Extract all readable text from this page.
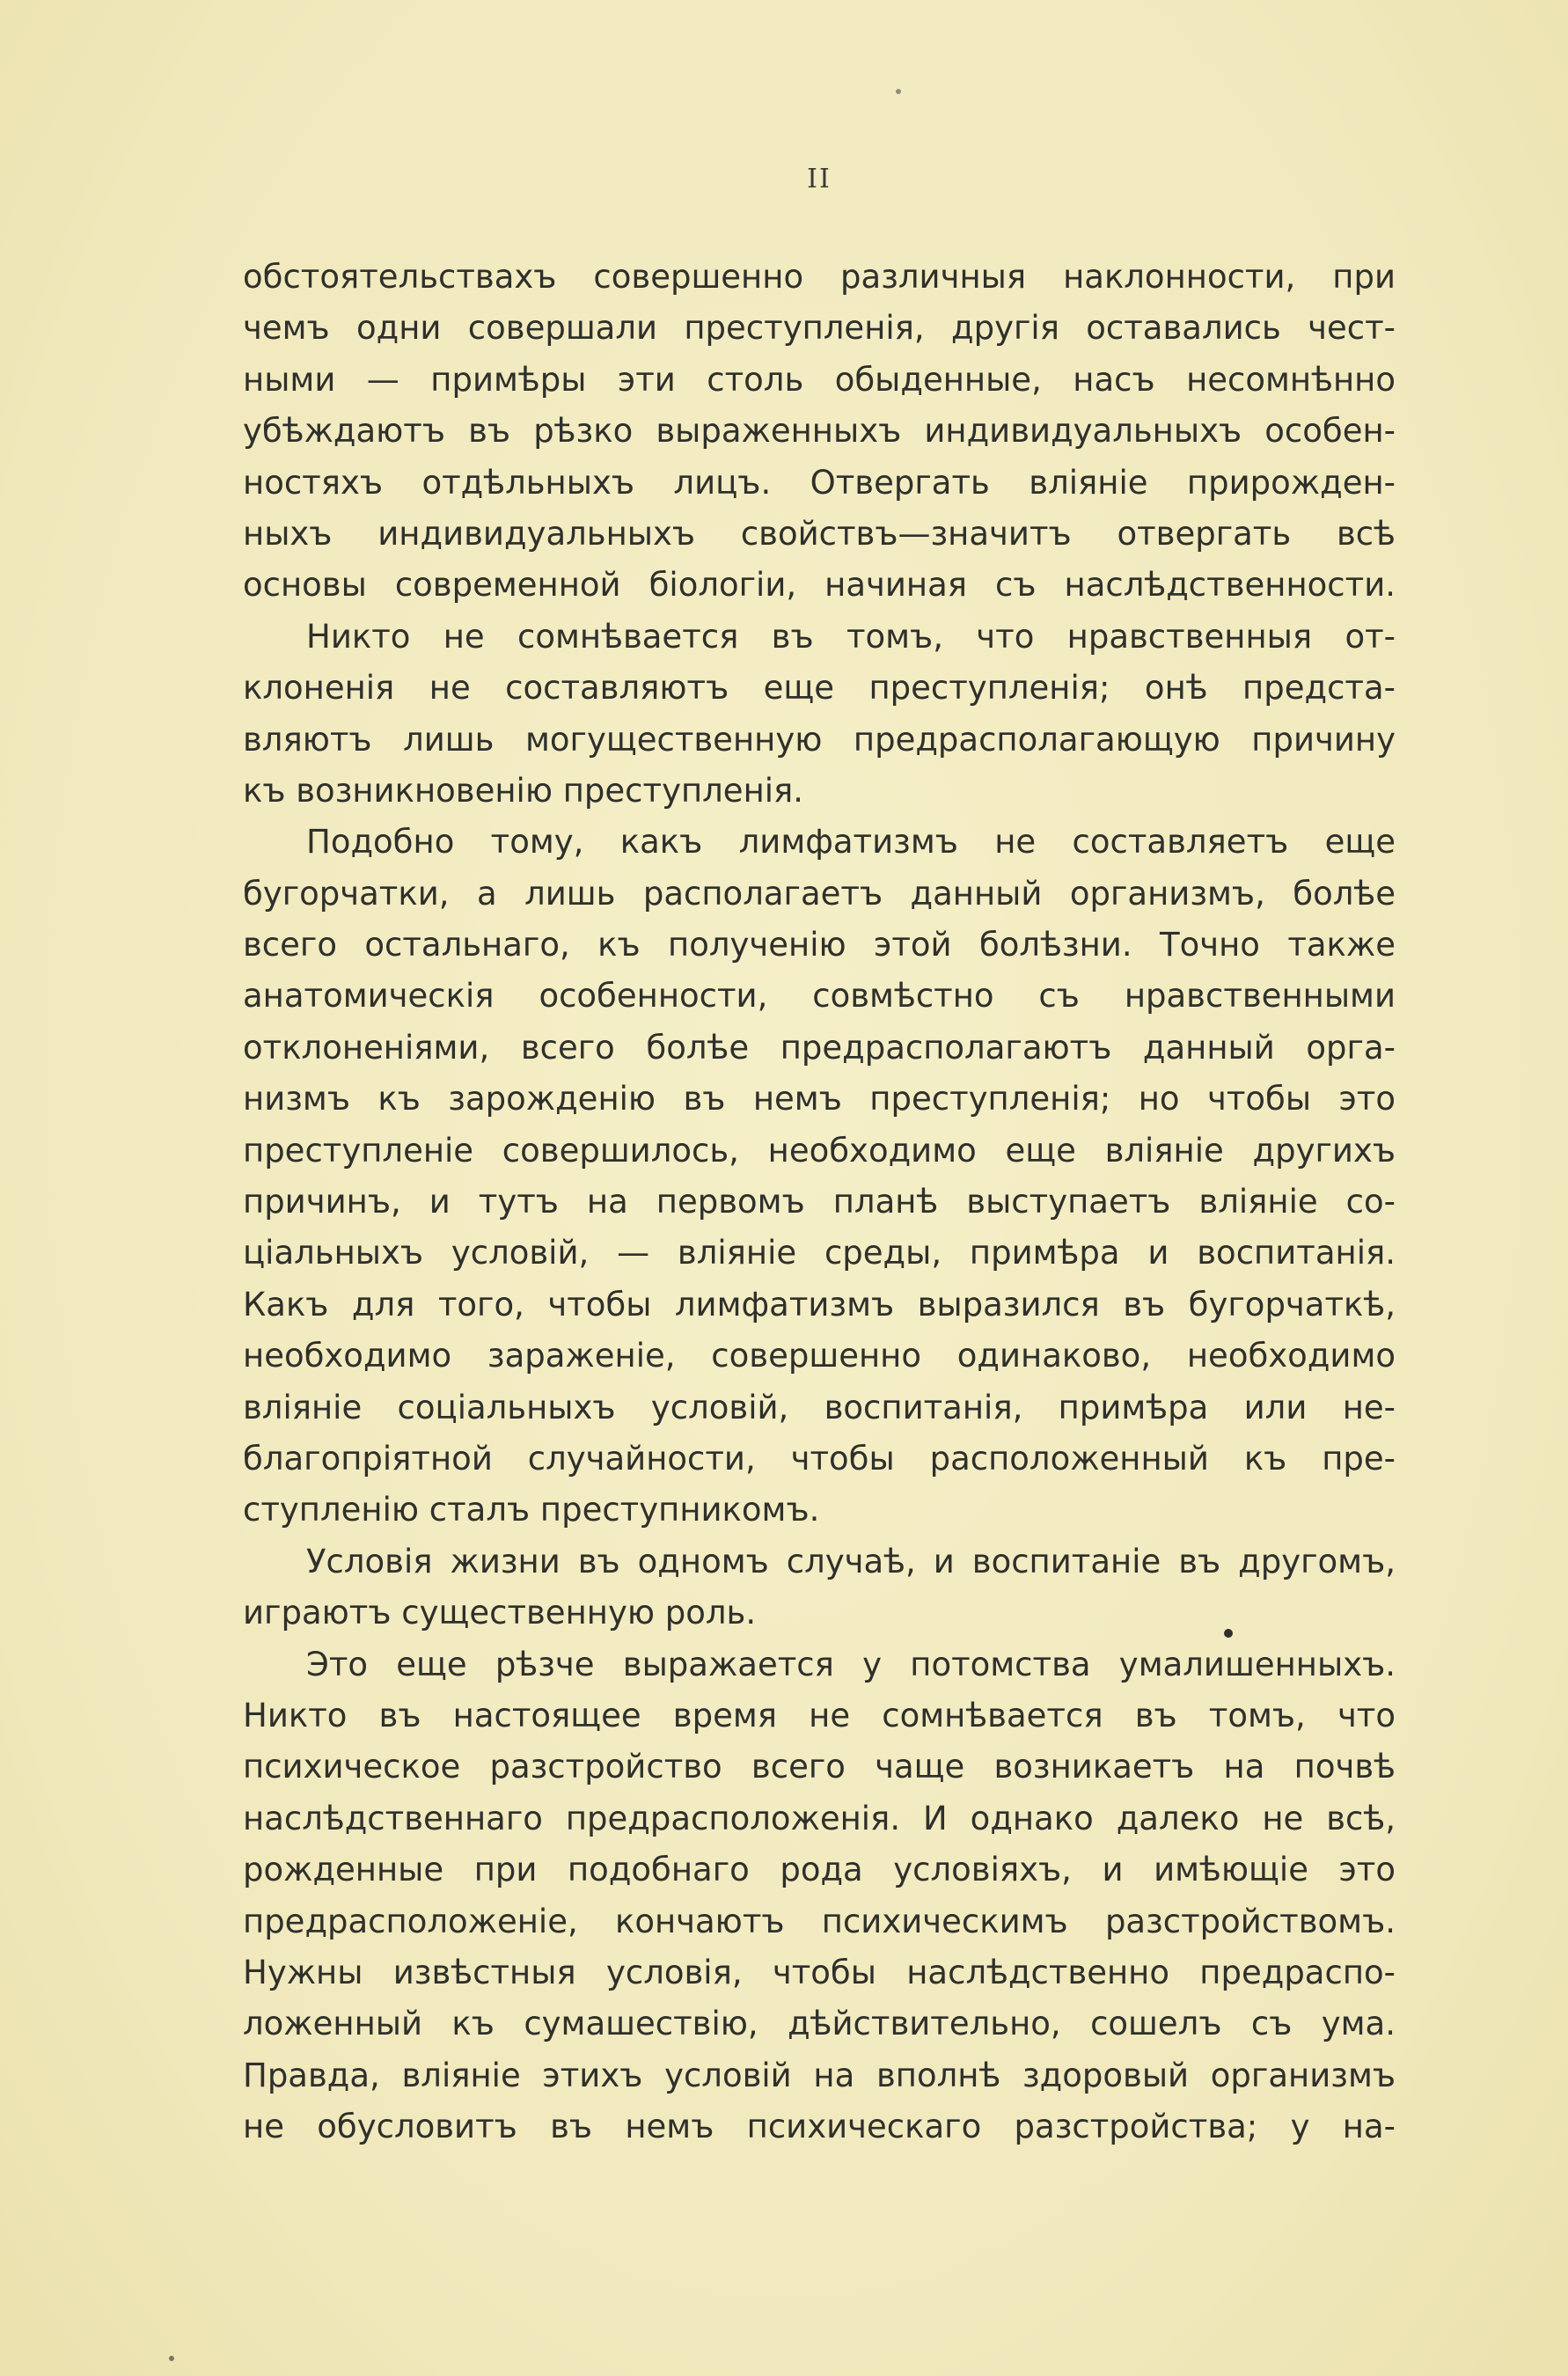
II
обстоятельствахъ совершенно различныя наклонности, при
чемъ одни совершали преступленія, другія оставались чест-
ными — примѣры эти столь обыденные, насъ несомнѣнно
убѣждаютъ въ рѣзко выраженныхъ индивидуальныхъ особен-
ностяхъ отдѣльныхъ лицъ. Отвергать вліяніе прирожден-
ныхъ индивидуальныхъ свойствъ—значитъ отвергать всѣ
основы современной біологіи, начиная съ наслѣдственности.
Никто не сомнѣвается въ томъ, что нравственныя от-
клоненія не составляютъ еще преступленія; онѣ предста-
вляютъ лишь могущественную предрасполагающую причину
къ возникновенію преступленія.
Подобно тому, какъ лимфатизмъ не составляетъ еще
бугорчатки, а лишь располагаетъ данный организмъ, болѣе
всего остальнаго, къ полученію этой болѣзни. Точно также
анатомическія особенности, совмѣстно съ нравственными
отклоненіями, всего болѣе предрасполагаютъ данный орга-
низмъ къ зарожденію въ немъ преступленія; но чтобы это
преступленіе совершилось, необходимо еще вліяніе другихъ
причинъ, и тутъ на первомъ планѣ выступаетъ вліяніе со-
ціальныхъ условій, — вліяніе среды, примѣра и воспитанія.
Какъ для того, чтобы лимфатизмъ выразился въ бугорчаткѣ,
необходимо зараженіе, совершенно одинаково, необходимо
вліяніе соціальныхъ условій, воспитанія, примѣра или не-
благопріятной случайности, чтобы расположенный къ пре-
ступленію сталъ преступникомъ.
Условія жизни въ одномъ случаѣ, и воспитаніе въ другомъ,
играютъ существенную роль.
Это еще рѣзче выражается у потомства умалишенныхъ.
Никто въ настоящее время не сомнѣвается въ томъ, что
психическое разстройство всего чаще возникаетъ на почвѣ
наслѣдственнаго предрасположенія. И однако далеко не всѣ,
рожденные при подобнаго рода условіяхъ, и имѣющіе это
предрасположеніе, кончаютъ психическимъ разстройствомъ.
Нужны извѣстныя условія, чтобы наслѣдственно предраспо-
ложенный къ сумашествію, дѣйствительно, сошелъ съ ума.
Правда, вліяніе этихъ условій на вполнѣ здоровый организмъ
не обусловитъ въ немъ психическаго разстройства; у на-
